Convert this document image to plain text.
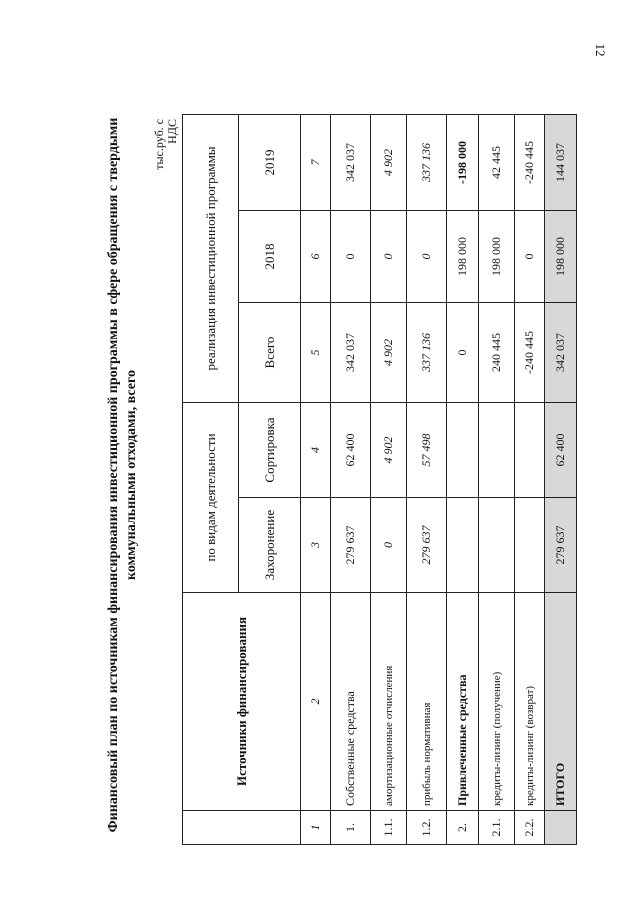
12
Финансовый план по источникам финансирования инвестиционной программы в сфере обращения с твердыми коммунальными отходами, всего
тыс.руб. с НДС
	Источники финансирования	по видам деятельности		реализация инвестиционной программы		
		Захоронение	Сортировка	Всего	2018	2019
1	2	3	4	5	6	7
1.	Собственные средства	279 637	62 400	342 037	0	342 037
1.1.	амортизационные отчисления	0	4 902	4 902	0	4 902
1.2.	прибыль нормативная	279 637	57 498	337 136	0	337 136
2.	Привлеченные средства			0	198 000	-198 000
2.1.	кредиты-лизинг (получение)			240 445	198 000	42 445
2.2.	кредиты-лизинг (возврат)			-240 445	0	-240 445
	ИТОГО	279 637	62 400	342 037	198 000	144 037
